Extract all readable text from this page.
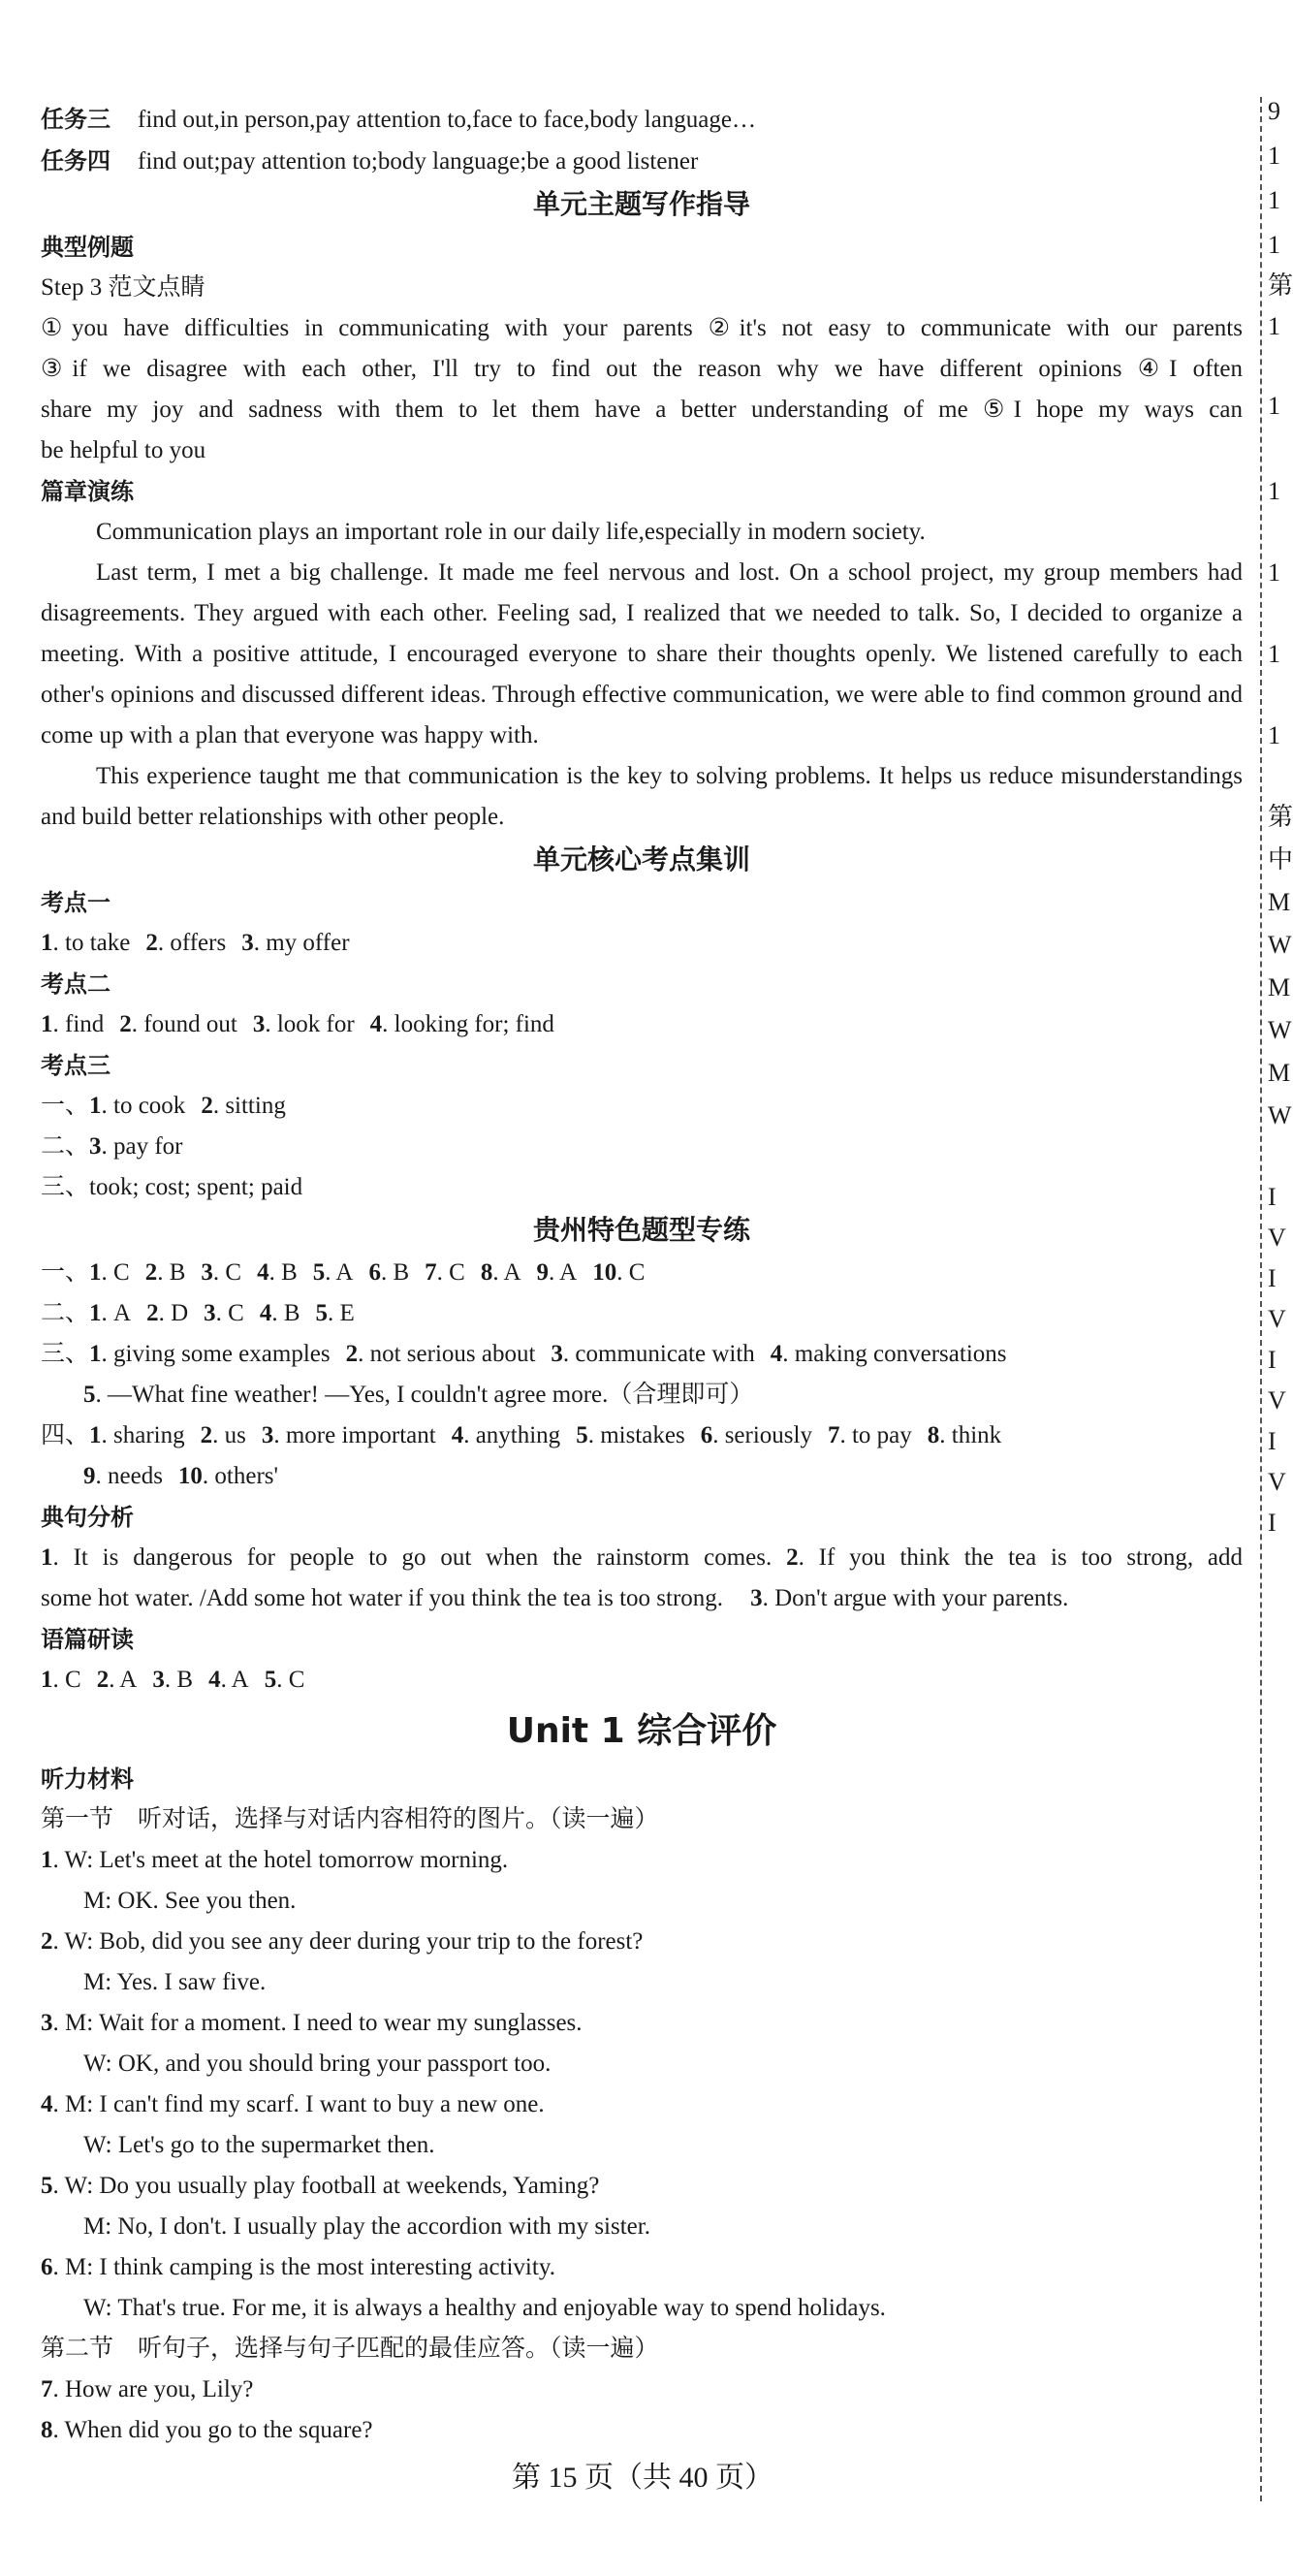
任务三 find out,in person,pay attention to,face to face,body language…

任务四 find out;pay attention to;body language;be a good listener

单元主题写作指导

典型例题

Step 3 范文点睛

①you have difficulties in communicating with your parents ②it's not easy to communicate with our parents

③if we disagree with each other, I'll try to find out the reason why we have different opinions ④I often

share my joy and sadness with them to let them have a better understanding of me ⑤I hope my ways can

be helpful to you

篇章演练

Communication plays an important role in our daily life,especially in modern society.

Last term, I met a big challenge. It made me feel nervous and lost. On a school project, my group members had disagreements. They argued with each other. Feeling sad, I realized that we needed to talk. So, I decided to organize a meeting. With a positive attitude, I encouraged everyone to share their thoughts openly. We listened carefully to each other's opinions and discussed different ideas. Through effective communication, we were able to find common ground and come up with a plan that everyone was happy with.

This experience taught me that communication is the key to solving problems. It helps us reduce misunderstandings and build better relationships with other people.

单元核心考点集训

考点一

1. to take 2. offers 3. my offer

考点二

1. find 2. found out 3. look for 4. looking for; find

考点三

一、1. to cook 2. sitting

二、3. pay for

三、took; cost; spent; paid

贵州特色题型专练

一、1. C 2. B 3. C 4. B 5. A 6. B 7. C 8. A 9. A 10. C

二、1. A 2. D 3. C 4. B 5. E

三、1. giving some examples 2. not serious about 3. communicate with 4. making conversations

5. —What fine weather! —Yes, I couldn't agree more.（合理即可）

四、1. sharing 2. us 3. more important 4. anything 5. mistakes 6. seriously 7. to pay 8. think

9. needs 10. others'

典句分析

1. It is dangerous for people to go out when the rainstorm comes. 2. If you think the tea is too strong, add

some hot water. /Add some hot water if you think the tea is too strong. 3. Don't argue with your parents.

语篇研读

1. C 2. A 3. B 4. A 5. C

Unit 1 综合评价

听力材料

第一节　听对话，选择与对话内容相符的图片。（读一遍）

1. W: Let's meet at the hotel tomorrow morning.

M: OK. See you then.

2. W: Bob, did you see any deer during your trip to the forest?

M: Yes. I saw five.

3. M: Wait for a moment. I need to wear my sunglasses.

W: OK, and you should bring your passport too.

4. M: I can't find my scarf. I want to buy a new one.

W: Let's go to the supermarket then.

5. W: Do you usually play football at weekends, Yaming?

M: No, I don't. I usually play the accordion with my sister.

6. M: I think camping is the most interesting activity.

W: That's true. For me, it is always a healthy and enjoyable way to spend holidays.

第二节　听句子，选择与句子匹配的最佳应答。（读一遍）

7. How are you, Lily?

8. When did you go to the square?

第 15 页（共 40 页）
9
1
1
1
第
1
1
1
1
1
1
第
中
M
W
M
W
M
W
I
V
I
V
I
V
I
V
I
